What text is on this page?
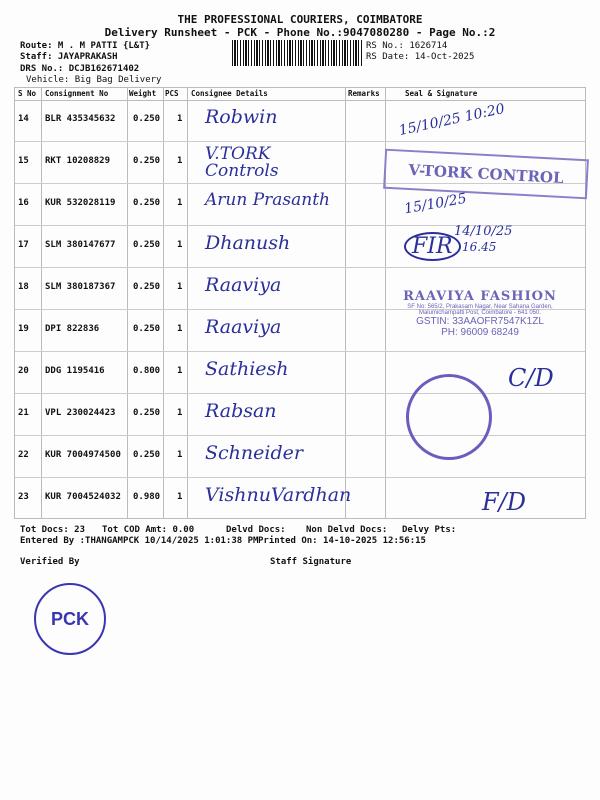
THE PROFESSIONAL COURIERS, COIMBATORE
Delivery Runsheet - PCK - Phone No.:9047080280 - Page No.:2
Route: M . M PATTI {L&T}
Staff: JAYAPRAKASH
DRS No.: DCJB162671402
Vehicle: Big Bag Delivery
RS No.: 1626714
RS Date: 14-Oct-2025
S No Consignment No	Weight PCS Consignee Details	Remarks	Seal & Signature
14 BLR 435345632 0.250 1 Robwin
15 RKT 10208829	0.250 1 V.TORK Controls
16 KUR 532028119 0.250 1 Arun Prasanth
17 SLM 380147677 0.250 1 Dhanush
18 SLM 380187367 0.250 1 Raaviya
19 DPI 822836	0.250 1 Raaviya
20 DDG 1195416	0.800 1 Sathiesh
21 VPL 230024423 0.250 1 Rabsan
22 KUR 7004974500 0.250 1 Schneider
23 KUR 7004524032 0.980 1 VishnuVardhan
15/10/25 10:20
V-TORK CONTROL
15/10/25
FIR
14/10/25
16.45
RAAVIYA FASHION
SF No: 565/2, Prakasam Nagar, Near Sahana Garden,
Malumichampatti Post, Coimbatore - 641 050.
GSTIN: 33AAOFR7547K1ZL
PH: 96009 68249
C/D
F/D
Tot Docs: 23 Tot COD Amt: 0.00	Delvd Docs: Non Delvd Docs: Delvy Pts:
Entered By :THANGAMPCK 10/14/2025 1:01:38 PM Printed On: 14-10-2025 12:56:15
Verified By	Staff Signature
PCK
